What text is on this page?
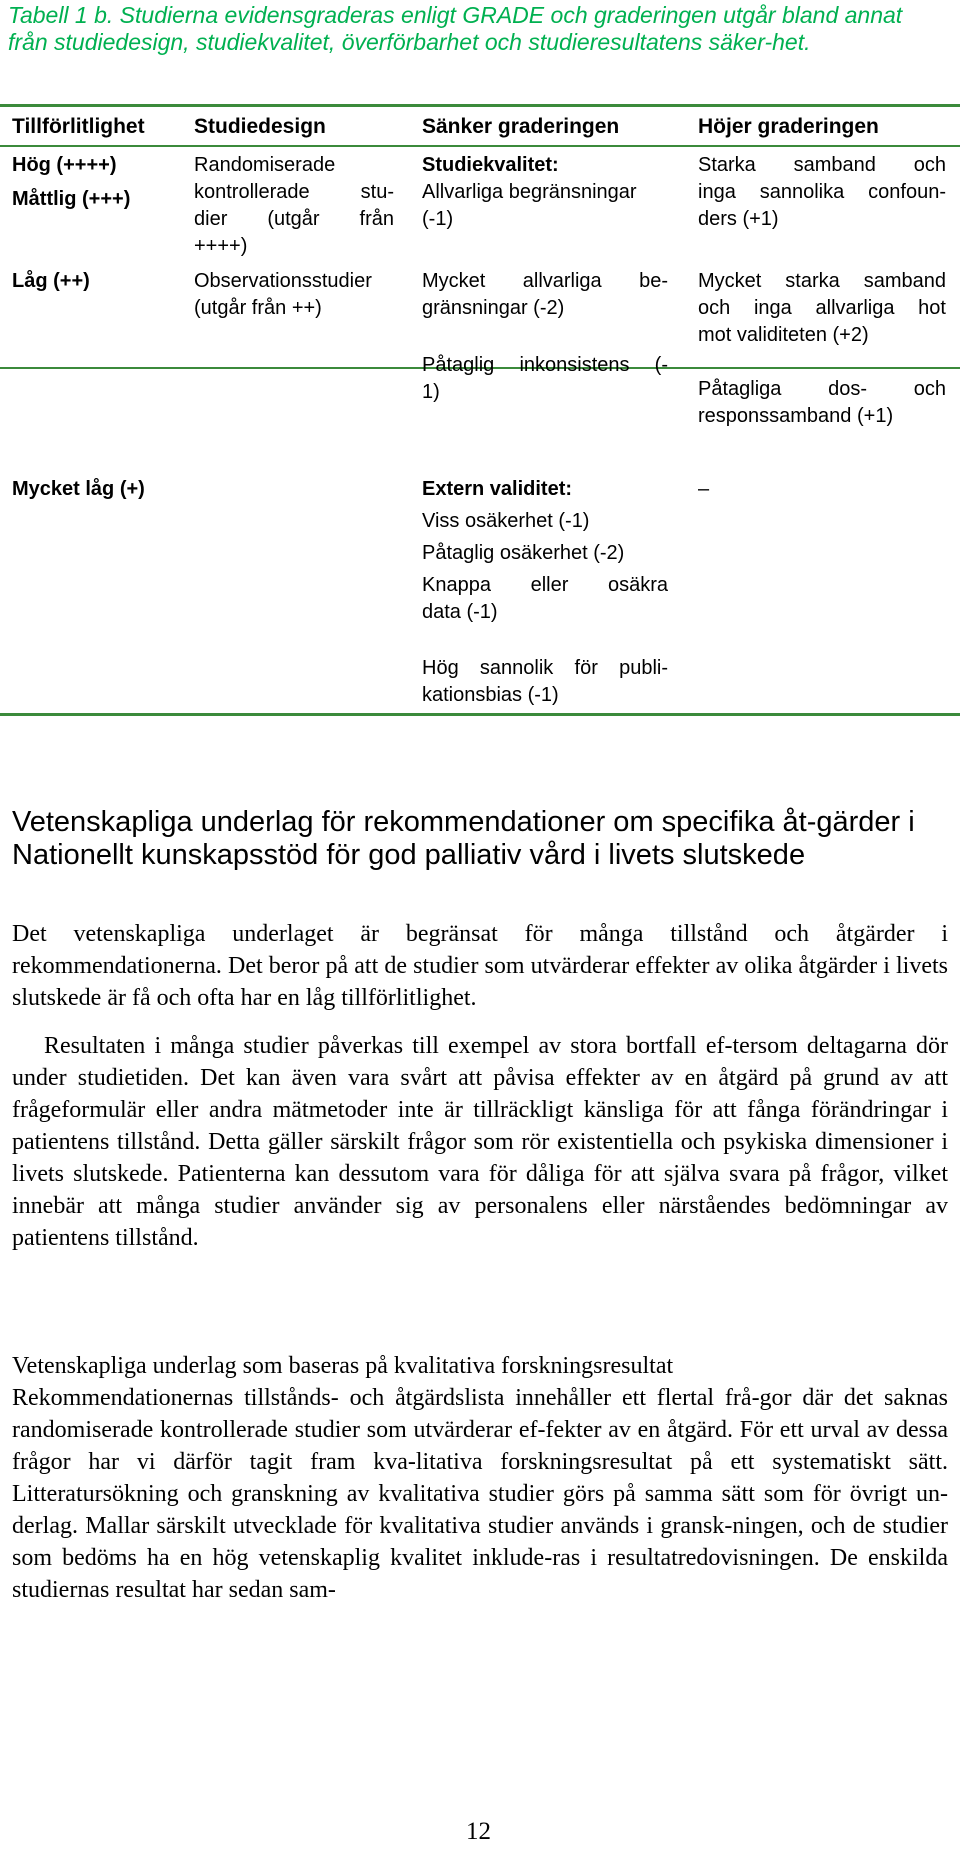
Tabell 1 b. Studierna evidensgraderas enligt GRADE och graderingen utgår bland annat från studiedesign, studiekvalitet, överförbarhet och studieresultatens säker-het.
Tillförlitlighet Studiedesign	Sänker graderingen	Höjer graderingen
Hög (++++)
Måttlig (+++)
Låg (++)
Mycket låg (+)
Randomiserade
kontrollerade stu-
dier (utgår från
++++)
Observationsstudier
(utgår från ++)
Studiekvalitet:
Allvarliga begränsningar
(-1)
Mycket allvarliga be-
gränsningar (-2)
Påtaglig inkonsistens (-
1)
Extern validitet:
Viss osäkerhet (-1)
Påtaglig osäkerhet (-2)
Knappa eller osäkra
data (-1)
Hög sannolik för publi-
kationsbias (-1)
Starka samband och
inga sannolika confoun-
ders (+1)
Mycket starka samband
och inga allvarliga hot
mot validiteten (+2)
Påtagliga dos- och
responssamband (+1)
–
Vetenskapliga underlag för rekommendationer om specifika åt-gärder i Nationellt kunskapsstöd för god palliativ vård i livets slutskede

Det vetenskapliga underlaget är begränsat för många tillstånd och åtgärder i rekommendationerna. Det beror på att de studier som utvärderar effekter av olika åtgärder i livets slutskede är få och ofta har en låg tillförlitlighet.

Resultaten i många studier påverkas till exempel av stora bortfall ef-tersom deltagarna dör under studietiden. Det kan även vara svårt att påvisa effekter av en åtgärd på grund av att frågeformulär eller andra mätmetoder inte är tillräckligt känsliga för att fånga förändringar i patientens tillstånd. Detta gäller särskilt frågor som rör existentiella och psykiska dimensioner i livets slutskede. Patienterna kan dessutom vara för dåliga för att själva svara på frågor, vilket innebär att många studier använder sig av personalens eller närståendes bedömningar av patientens tillstånd.

Vetenskapliga underlag som baseras på kvalitativa forskningsresultat

Rekommendationernas tillstånds- och åtgärdslista innehåller ett flertal frå-gor där det saknas randomiserade kontrollerade studier som utvärderar ef-fekter av en åtgärd. För ett urval av dessa frågor har vi därför tagit fram kva-litativa forskningsresultat på ett systematiskt sätt. Litteratursökning och granskning av kvalitativa studier görs på samma sätt som för övrigt un-derlag. Mallar särskilt utvecklade för kvalitativa studier används i gransk-ningen, och de studier som bedöms ha en hög vetenskaplig kvalitet inklude-ras i resultatredovisningen. De enskilda studiernas resultat har sedan sam-

12
